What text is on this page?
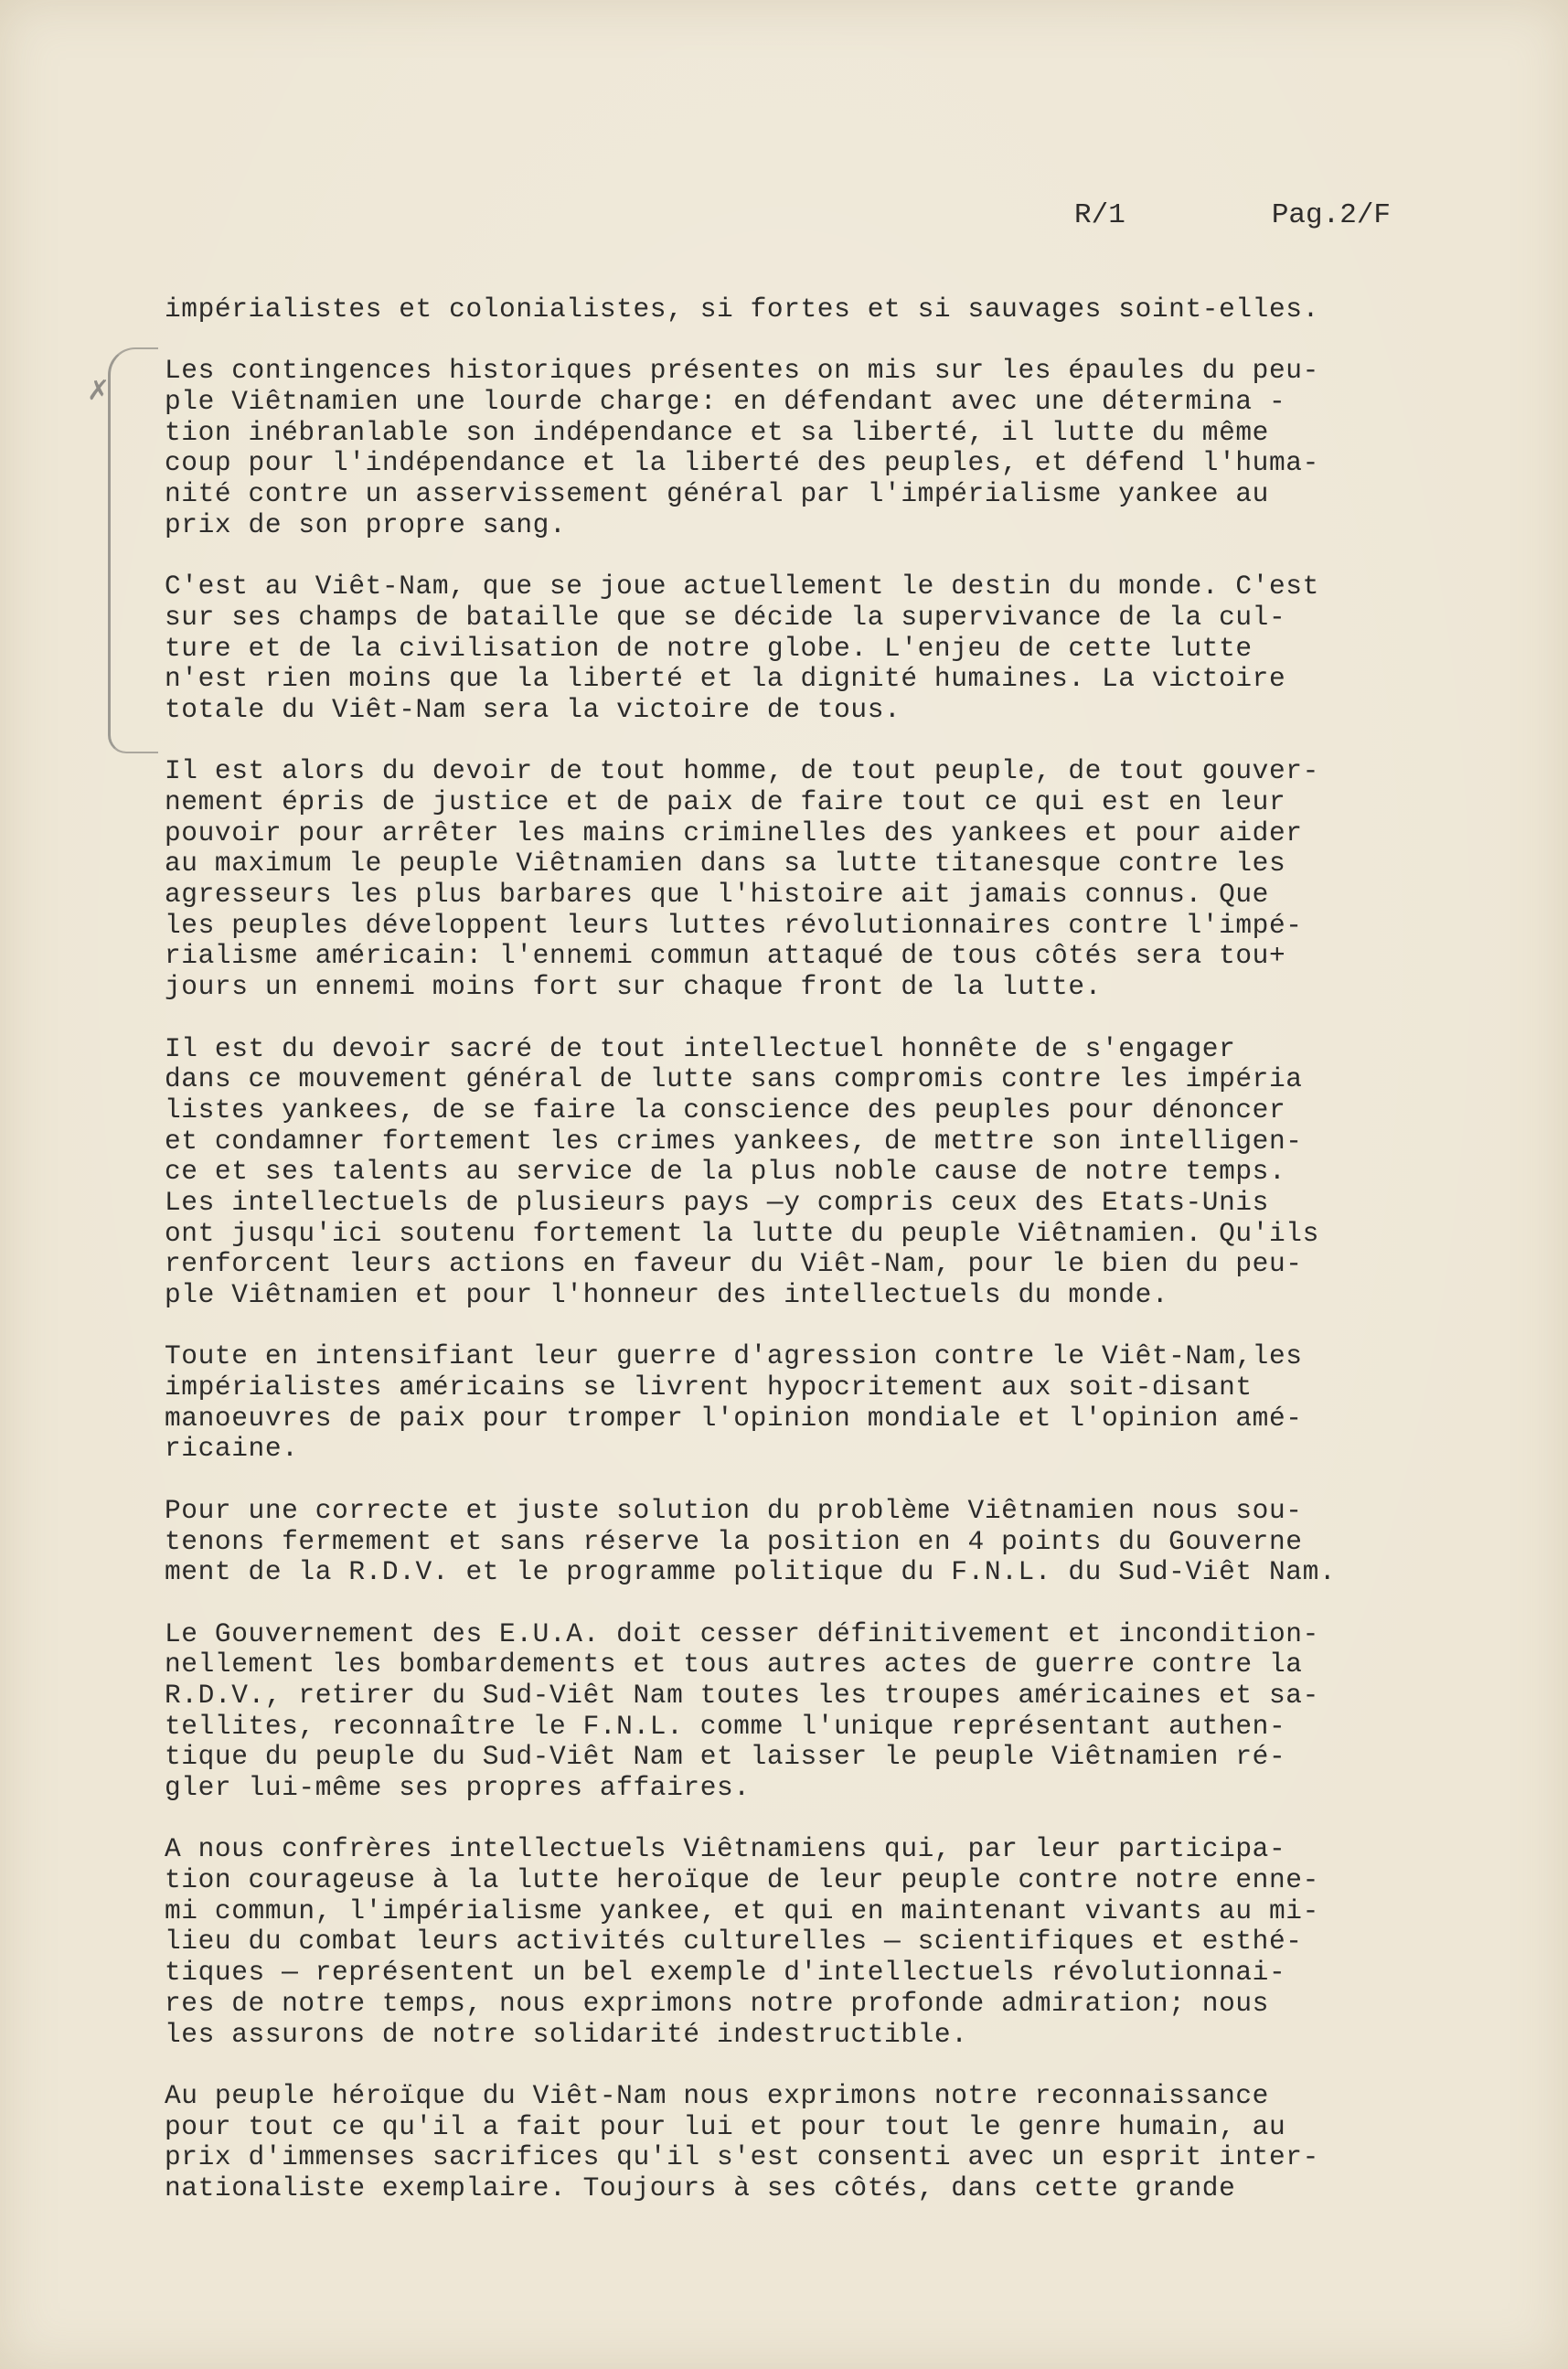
R/1	Pag.2/F
✗
impérialistes et colonialistes, si fortes et si sauvages soint-elles.
Les contingences historiques présentes on mis sur les épaules du peu-
ple Viêtnamien une lourde charge: en défendant avec une détermina -
tion inébranlable son indépendance et sa liberté, il lutte du même
coup pour l'indépendance et la liberté des peuples, et défend l'huma-
nité contre un asservissement général par l'impérialisme yankee au
prix de son propre sang.
C'est au Viêt-Nam, que se joue actuellement le destin du monde. C'est
sur ses champs de bataille que se décide la supervivance de la cul-
ture et de la civilisation de notre globe. L'enjeu de cette lutte
n'est rien moins que la liberté et la dignité humaines. La victoire
totale du Viêt-Nam sera la victoire de tous.
Il est alors du devoir de tout homme, de tout peuple, de tout gouver-
nement épris de justice et de paix de faire tout ce qui est en leur
pouvoir pour arrêter les mains criminelles des yankees et pour aider
au maximum le peuple Viêtnamien dans sa lutte titanesque contre les
agresseurs les plus barbares que l'histoire ait jamais connus. Que
les peuples développent leurs luttes révolutionnaires contre l'impé-
rialisme américain: l'ennemi commun attaqué de tous côtés sera tou+
jours un ennemi moins fort sur chaque front de la lutte.
Il est du devoir sacré de tout intellectuel honnête de s'engager
dans ce mouvement général de lutte sans compromis contre les impéria
listes yankees, de se faire la conscience des peuples pour dénoncer
et condamner fortement les crimes yankees, de mettre son intelligen-
ce et ses talents au service de la plus noble cause de notre temps.
Les intellectuels de plusieurs pays —y compris ceux des Etats-Unis
ont jusqu'ici soutenu fortement la lutte du peuple Viêtnamien. Qu'ils
renforcent leurs actions en faveur du Viêt-Nam, pour le bien du peu-
ple Viêtnamien et pour l'honneur des intellectuels du monde.
Toute en intensifiant leur guerre d'agression contre le Viêt-Nam,les
impérialistes américains se livrent hypocritement aux soit-disant
manoeuvres de paix pour tromper l'opinion mondiale et l'opinion amé-
ricaine.
Pour une correcte et juste solution du problème Viêtnamien nous sou-
tenons fermement et sans réserve la position en 4 points du Gouverne
ment de la R.D.V. et le programme politique du F.N.L. du Sud-Viêt Nam.
Le Gouvernement des E.U.A. doit cesser définitivement et incondition-
nellement les bombardements et tous autres actes de guerre contre la
R.D.V., retirer du Sud-Viêt Nam toutes les troupes américaines et sa-
tellites, reconnaître le F.N.L. comme l'unique représentant authen-
tique du peuple du Sud-Viêt Nam et laisser le peuple Viêtnamien ré-
gler lui-même ses propres affaires.
A nous confrères intellectuels Viêtnamiens qui, par leur participa-
tion courageuse à la lutte heroïque de leur peuple contre notre enne-
mi commun, l'impérialisme yankee, et qui en maintenant vivants au mi-
lieu du combat leurs activités culturelles — scientifiques et esthé-
tiques — représentent un bel exemple d'intellectuels révolutionnai-
res de notre temps, nous exprimons notre profonde admiration; nous
les assurons de notre solidarité indestructible.
Au peuple héroïque du Viêt-Nam nous exprimons notre reconnaissance
pour tout ce qu'il a fait pour lui et pour tout le genre humain, au
prix d'immenses sacrifices qu'il s'est consenti avec un esprit inter-
nationaliste exemplaire. Toujours à ses côtés, dans cette grande
